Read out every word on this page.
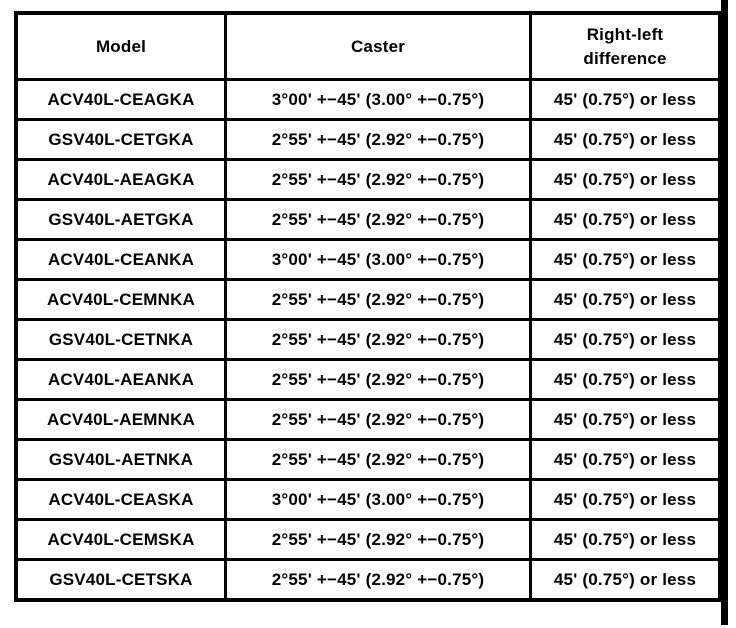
Model	Caster	Right-left
difference
ACV40L-CEAGKA	3°00' +−45' (3.00° +−0.75°)	45' (0.75°) or less
GSV40L-CETGKA	2°55' +−45' (2.92° +−0.75°)	45' (0.75°) or less
ACV40L-AEAGKA	2°55' +−45' (2.92° +−0.75°)	45' (0.75°) or less
GSV40L-AETGKA	2°55' +−45' (2.92° +−0.75°)	45' (0.75°) or less
ACV40L-CEANKA	3°00' +−45' (3.00° +−0.75°)	45' (0.75°) or less
ACV40L-CEMNKA	2°55' +−45' (2.92° +−0.75°)	45' (0.75°) or less
GSV40L-CETNKA	2°55' +−45' (2.92° +−0.75°)	45' (0.75°) or less
ACV40L-AEANKA	2°55' +−45' (2.92° +−0.75°)	45' (0.75°) or less
ACV40L-AEMNKA	2°55' +−45' (2.92° +−0.75°)	45' (0.75°) or less
GSV40L-AETNKA	2°55' +−45' (2.92° +−0.75°)	45' (0.75°) or less
ACV40L-CEASKA	3°00' +−45' (3.00° +−0.75°)	45' (0.75°) or less
ACV40L-CEMSKA	2°55' +−45' (2.92° +−0.75°)	45' (0.75°) or less
GSV40L-CETSKA	2°55' +−45' (2.92° +−0.75°)	45' (0.75°) or less
